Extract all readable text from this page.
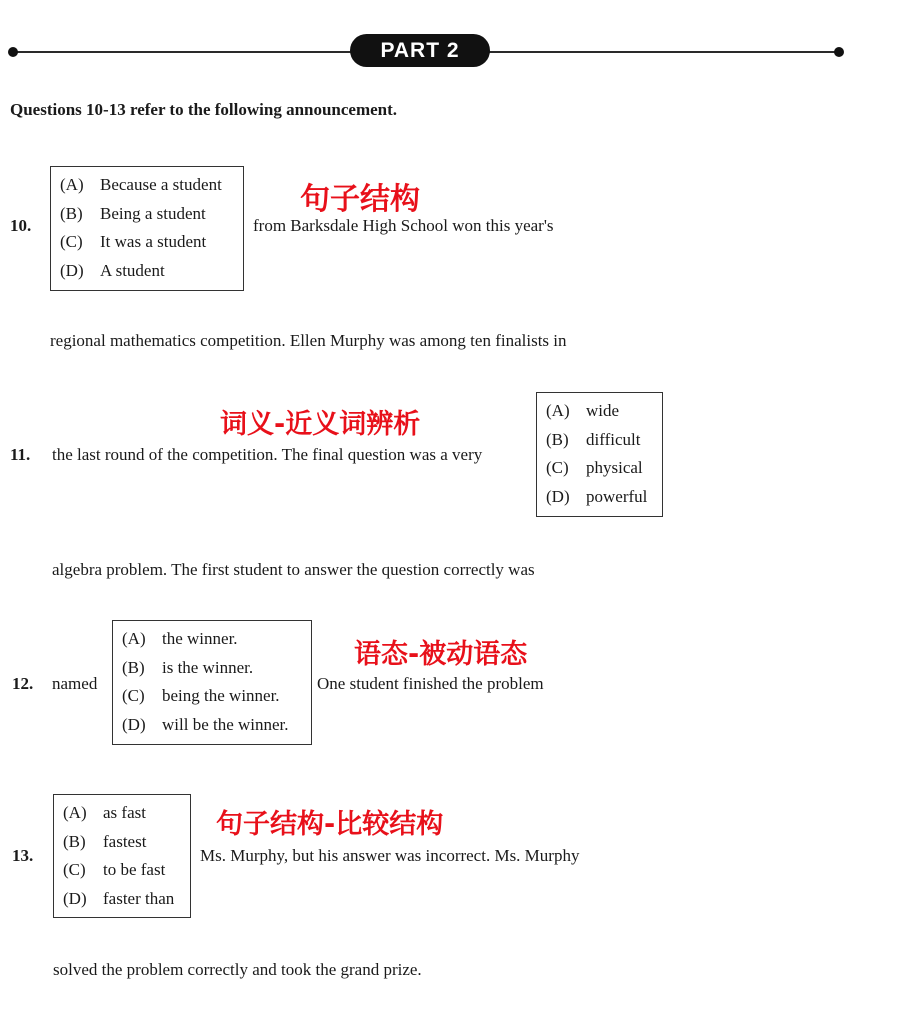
PART 2
Questions 10-13 refer to the following announcement.
10.
(A) Because a student
(B)	Being a student
(C)	It was a student
(D) A student
from Barksdale High School won this year's
句子结构
regional mathematics competition. Ellen Murphy was among ten finalists in
11. the last round of the competition. The final question was a very
(A) wide
(B)	difficult
(C)	physical
(D) powerful
词义-近义词辨析
algebra problem. The first student to answer the question correctly was
12. named
(A) the winner.
(B)	is the winner.
(C)	being the winner.
(D) will be the winner.
One student finished the problem
语态-被动语态
13.
(A) as fast
(B)	fastest
(C)	to be fast
(D) faster than
Ms. Murphy, but his answer was incorrect. Ms. Murphy
句子结构-比较结构
solved the problem correctly and took the grand prize.
